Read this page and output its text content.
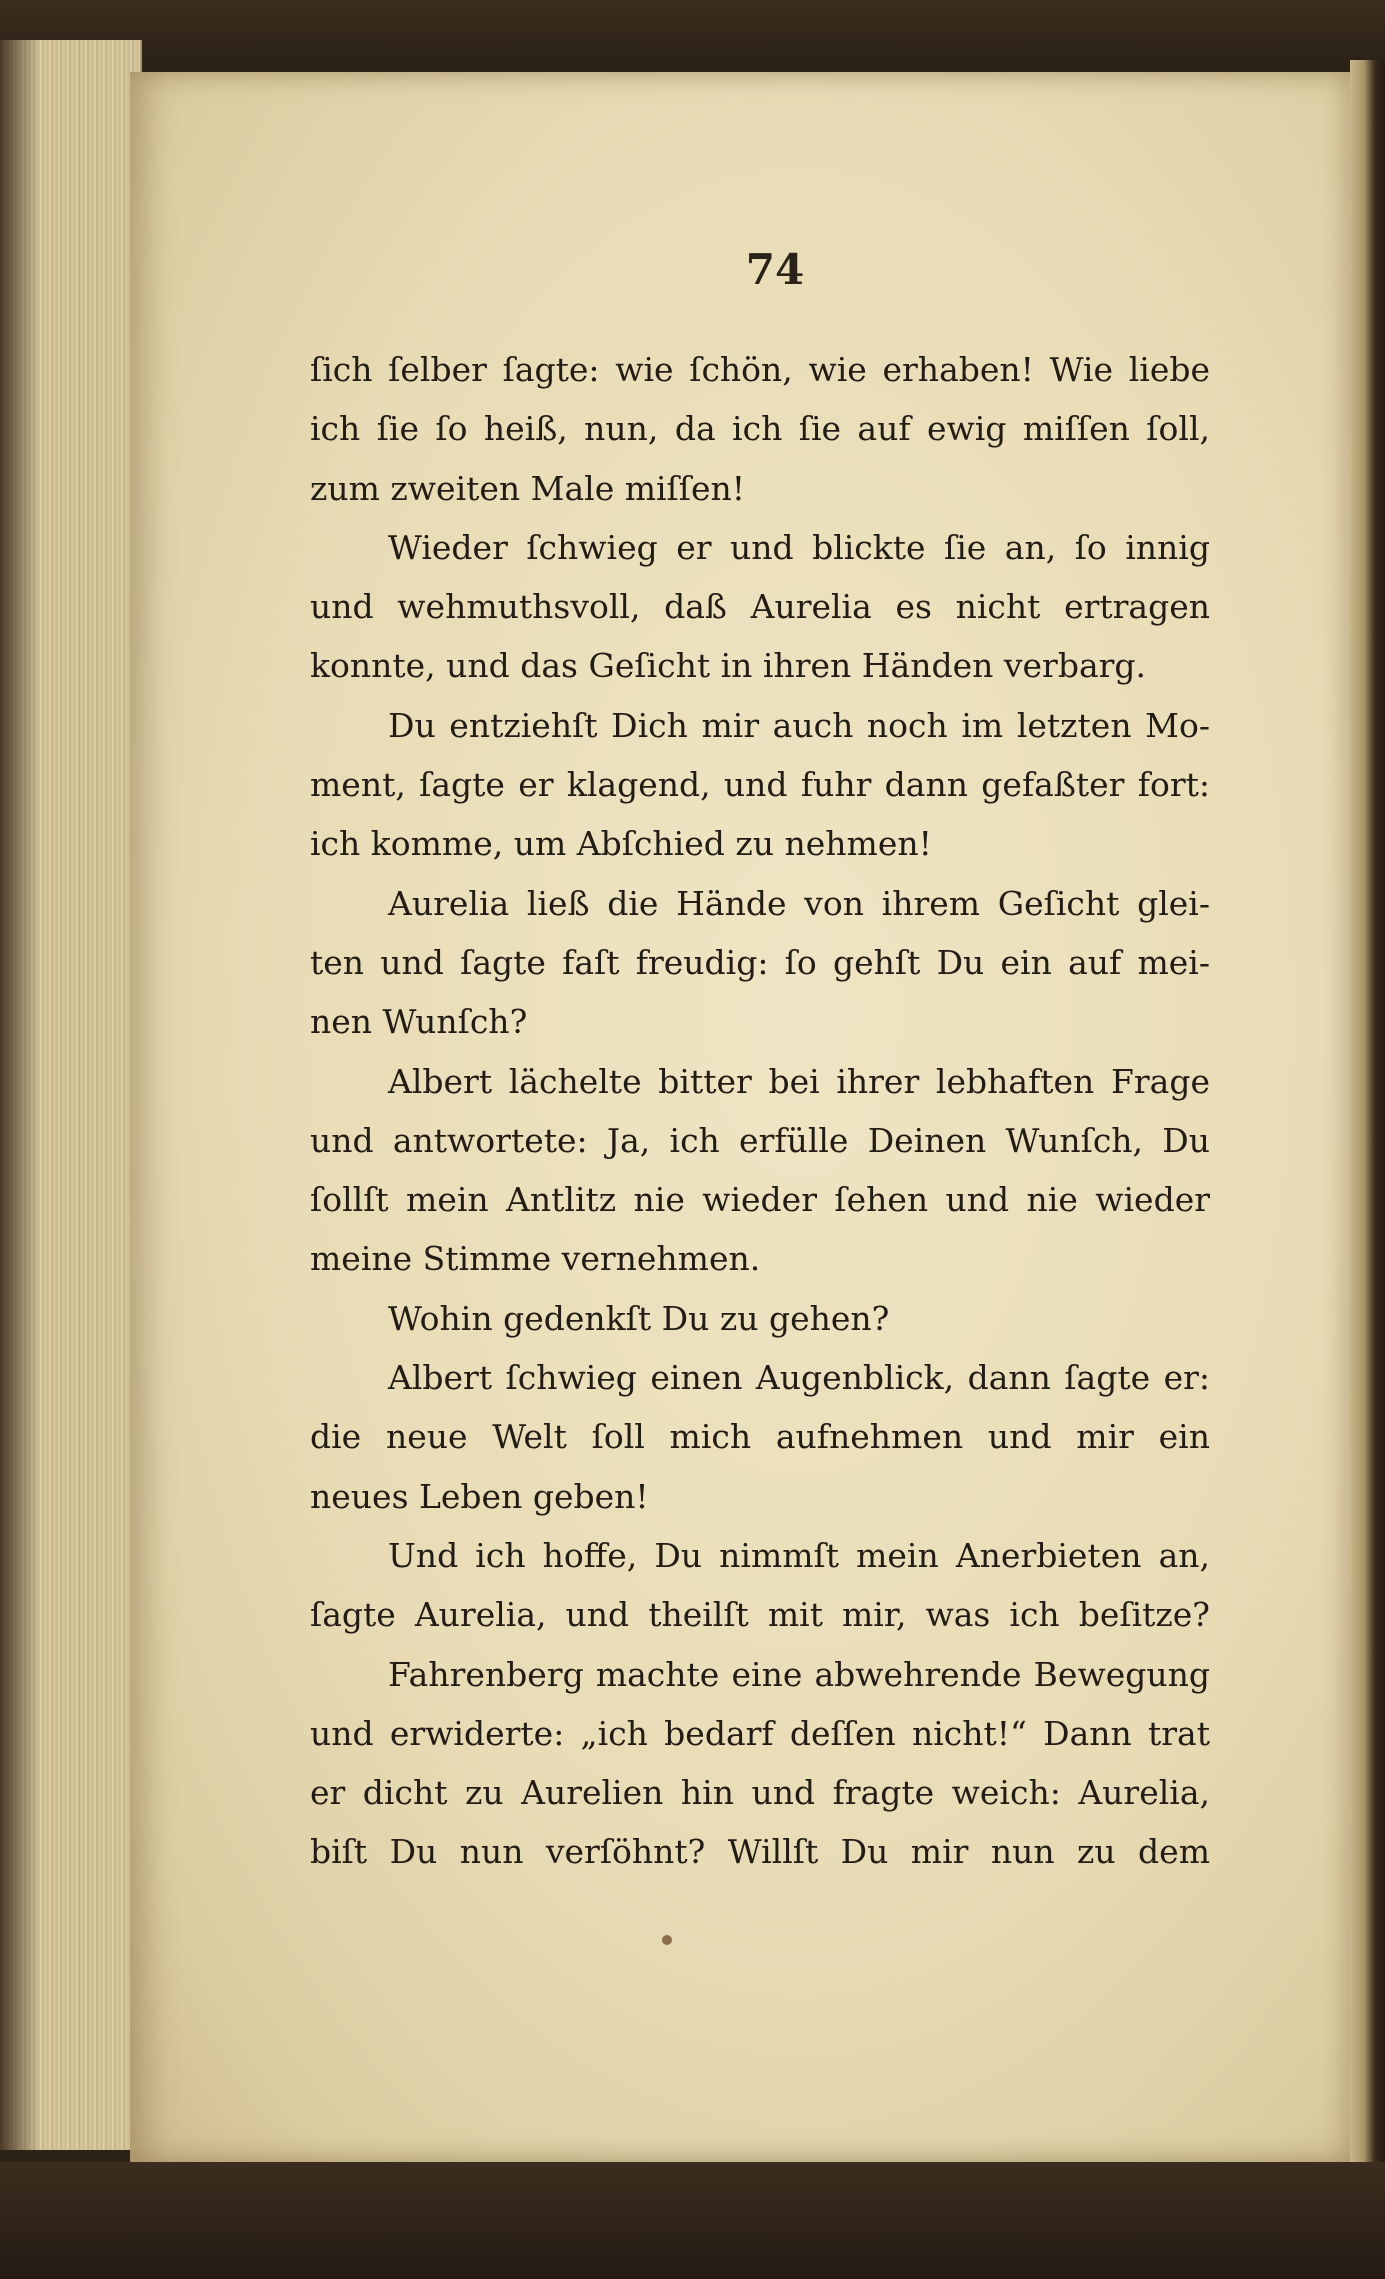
74
ſich ſelber ſagte: wie ſchön, wie erhaben! Wie liebe
ich ſie ſo heiß, nun, da ich ſie auf ewig miſſen ſoll,
zum zweiten Male miſſen!
Wieder ſchwieg er und blickte ſie an, ſo innig
und wehmuthsvoll, daß Aurelia es nicht ertragen
konnte, und das Geſicht in ihren Händen verbarg.
Du entziehſt Dich mir auch noch im letzten Mo-
ment, ſagte er klagend, und fuhr dann gefaßter fort:
ich komme, um Abſchied zu nehmen!
Aurelia ließ die Hände von ihrem Geſicht glei-
ten und ſagte faſt freudig: ſo gehſt Du ein auf mei-
nen Wunſch?
Albert lächelte bitter bei ihrer lebhaften Frage
und antwortete: Ja, ich erfülle Deinen Wunſch, Du
ſollſt mein Antlitz nie wieder ſehen und nie wieder
meine Stimme vernehmen.
Wohin gedenkſt Du zu gehen?
Albert ſchwieg einen Augenblick, dann ſagte er:
die neue Welt ſoll mich aufnehmen und mir ein
neues Leben geben!
Und ich hoffe, Du nimmſt mein Anerbieten an,
ſagte Aurelia, und theilſt mit mir, was ich beſitze?
Fahrenberg machte eine abwehrende Bewegung
und erwiderte: „ich bedarf deſſen nicht!“ Dann trat
er dicht zu Aurelien hin und fragte weich: Aurelia,
biſt Du nun verſöhnt? Willſt Du mir nun zu dem
